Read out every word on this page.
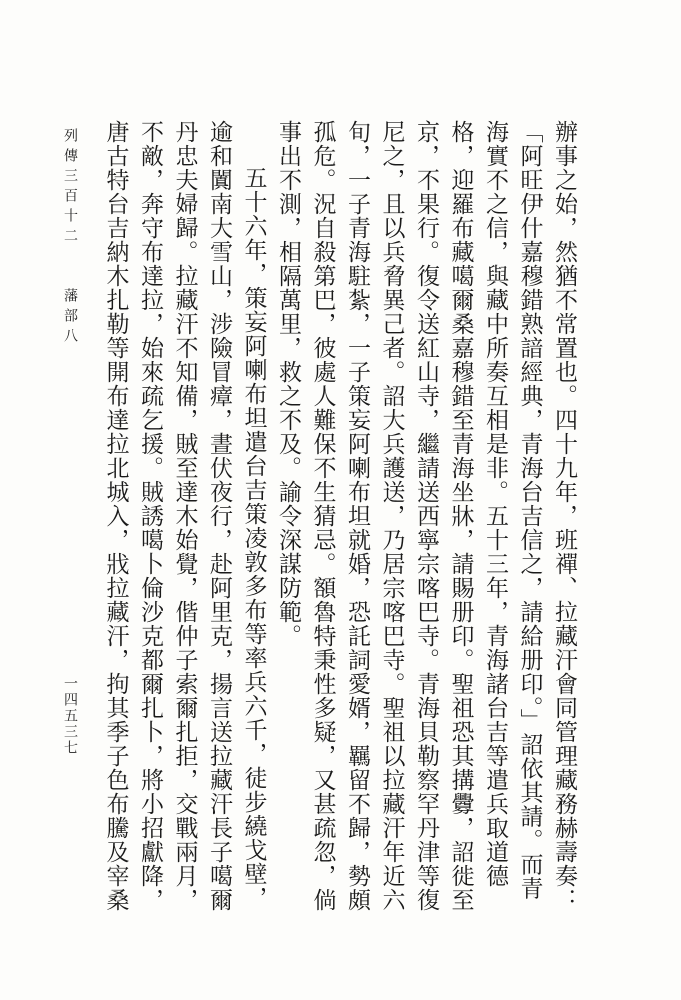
列傳三百十二藩部八
一四五三七	辦事之始，然猶不常置也。四十九年，班禪、拉藏汗會同管理藏務赫壽奏：「阿旺伊什嘉穆錯熟諳經典，青海台吉信之，請給册印。」詔依其請。而青海實不之信，與藏中所奏互相是非。五十三年，青海諸台吉等遣兵取道德格，迎羅布藏噶爾桑嘉穆錯至青海坐牀，請賜册印。聖祖恐其搆釁，詔徙至京，不果行。復令送紅山寺，繼請送西寧宗喀巴寺。青海貝勒察罕丹津等復尼之，且以兵脅異己者。詔大兵護送，乃居宗喀巴寺。聖祖以拉藏汗年近六旬，一子青海駐紮，一子策妄阿喇布坦就婚，恐託詞愛婿，羈留不歸，勢頗孤危。況自殺第巴，彼處人難保不生猜忌。額魯特秉性多疑，又甚疏忽，倘事出不測，相隔萬里，救之不及。諭令深謀防範。

五十六年，策妄阿喇布坦遣台吉策凌敦多布等率兵六千，徒步繞戈壁，逾和闐南大雪山，涉險冒瘴，晝伏夜行，赴阿里克，揚言送拉藏汗長子噶爾丹忠夫婦歸。拉藏汗不知備，賊至達木始覺，偕仲子索爾扎拒，交戰兩月，不敵，奔守布達拉，始來疏乞援。賊誘噶卜倫沙克都爾扎卜，將小招獻降，唐古特台吉納木扎勒等開布達拉北城入，戕拉藏汗，拘其季子色布騰及宰桑
